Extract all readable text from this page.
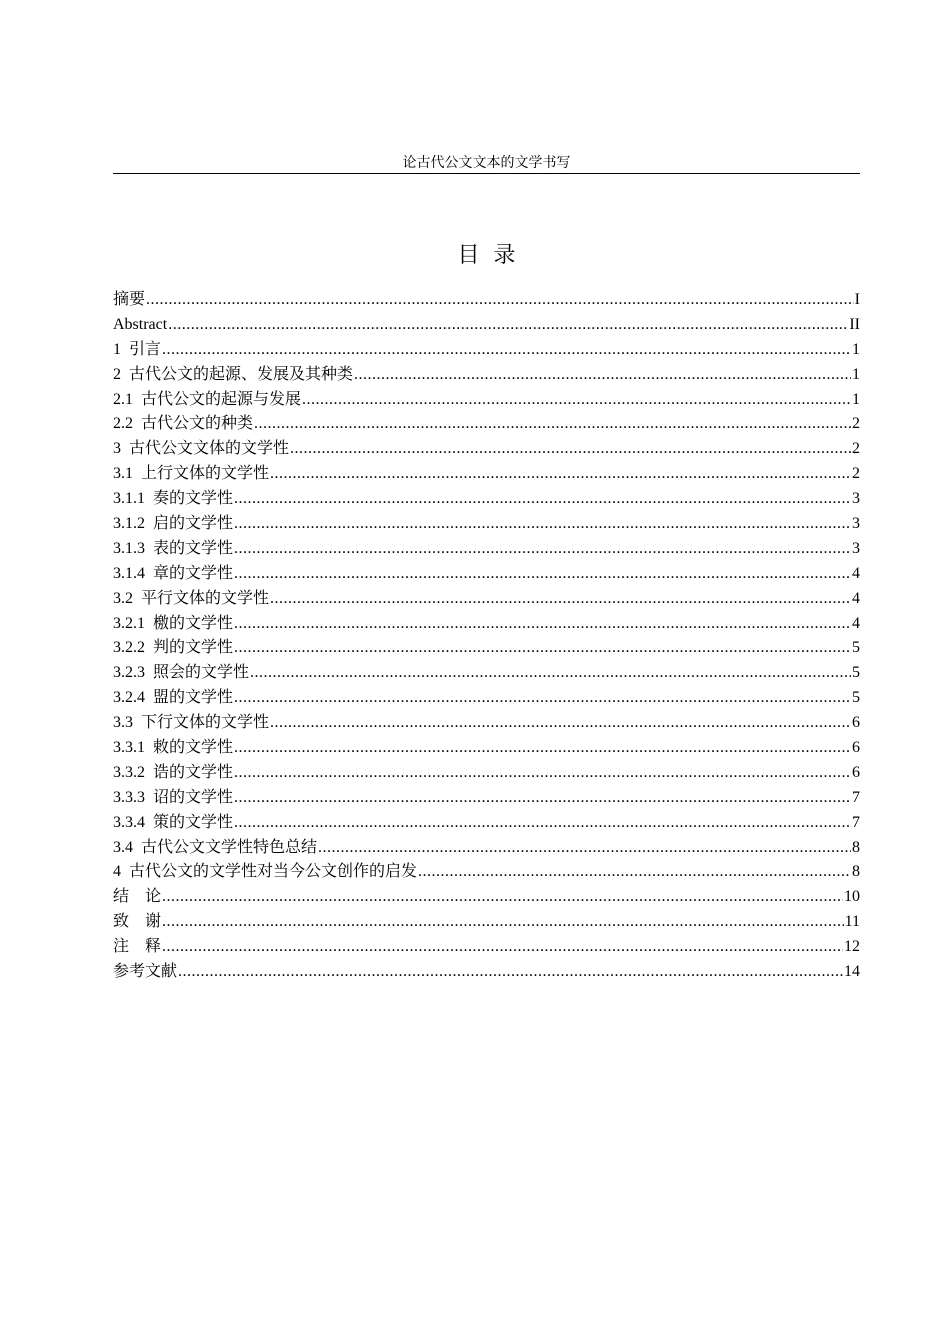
论古代公文文本的文学书写
目录
摘要 .....	I
Abstract .....	II
1  引言 .....	1
2  古代公文的起源、发展及其种类 .....	1
2.1  古代公文的起源与发展 .....	1
2.2  古代公文的种类 .....	2
3  古代公文文体的文学性 .....	2
3.1  上行文体的文学性 .....	2
3.1.1  奏的文学性 .....	3
3.1.2  启的文学性 .....	3
3.1.3  表的文学性 .....	3
3.1.4  章的文学性 .....	4
3.2  平行文体的文学性 .....	4
3.2.1  檄的文学性 .....	4
3.2.2  判的文学性 .....	5
3.2.3  照会的文学性 .....	5
3.2.4  盟的文学性 .....	5
3.3  下行文体的文学性 .....	6
3.3.1  敕的文学性 .....	6
3.3.2  诰的文学性 .....	6
3.3.3  诏的文学性 .....	7
3.3.4  策的文学性 .....	7
3.4  古代公文文学性特色总结 .....	8
4  古代公文的文学性对当今公文创作的启发 .....	8
结    论 .....	10
致    谢 .....	11
注    释 .....	12
参考文献 .....	14
